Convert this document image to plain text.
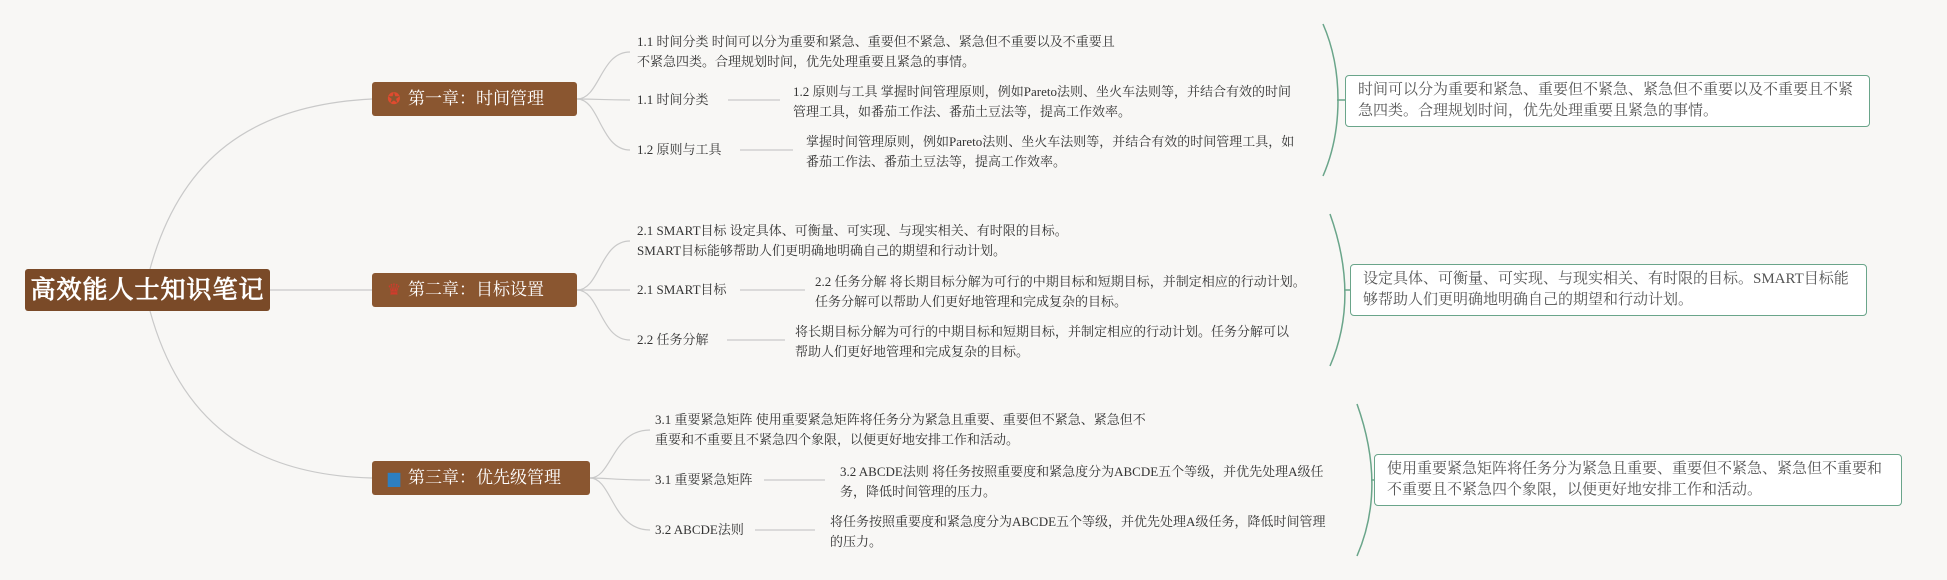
高效能人士知识笔记
✪ 第一章：时间管理
1.1 时间分类 时间可以分为重要和紧急、重要但不紧急、紧急但不重要以及不重要且不紧急四类。合理规划时间，优先处理重要且紧急的事情。
1.1 时间分类
1.2 原则与工具 掌握时间管理原则，例如Pareto法则、坐火车法则等，并结合有效的时间管理工具，如番茄工作法、番茄土豆法等，提高工作效率。
1.2 原则与工具
掌握时间管理原则，例如Pareto法则、坐火车法则等，并结合有效的时间管理工具，如番茄工作法、番茄土豆法等，提高工作效率。
时间可以分为重要和紧急、重要但不紧急、紧急但不重要以及不重要且不紧急四类。合理规划时间，优先处理重要且紧急的事情。
♛ 第二章：目标设置
2.1 SMART目标 设定具体、可衡量、可实现、与现实相关、有时限的目标。SMART目标能够帮助人们更明确地明确自己的期望和行动计划。
2.1 SMART目标
2.2 任务分解 将长期目标分解为可行的中期目标和短期目标，并制定相应的行动计划。任务分解可以帮助人们更好地管理和完成复杂的目标。
2.2 任务分解
将长期目标分解为可行的中期目标和短期目标，并制定相应的行动计划。任务分解可以帮助人们更好地管理和完成复杂的目标。
设定具体、可衡量、可实现、与现实相关、有时限的目标。SMART目标能够帮助人们更明确地明确自己的期望和行动计划。
▆ 第三章：优先级管理
3.1 重要紧急矩阵 使用重要紧急矩阵将任务分为紧急且重要、重要但不紧急、紧急但不重要和不重要且不紧急四个象限，以便更好地安排工作和活动。
3.1 重要紧急矩阵
3.2 ABCDE法则 将任务按照重要度和紧急度分为ABCDE五个等级，并优先处理A级任务，降低时间管理的压力。
3.2 ABCDE法则
将任务按照重要度和紧急度分为ABCDE五个等级，并优先处理A级任务，降低时间管理的压力。
使用重要紧急矩阵将任务分为紧急且重要、重要但不紧急、紧急但不重要和不重要且不紧急四个象限，以便更好地安排工作和活动。
